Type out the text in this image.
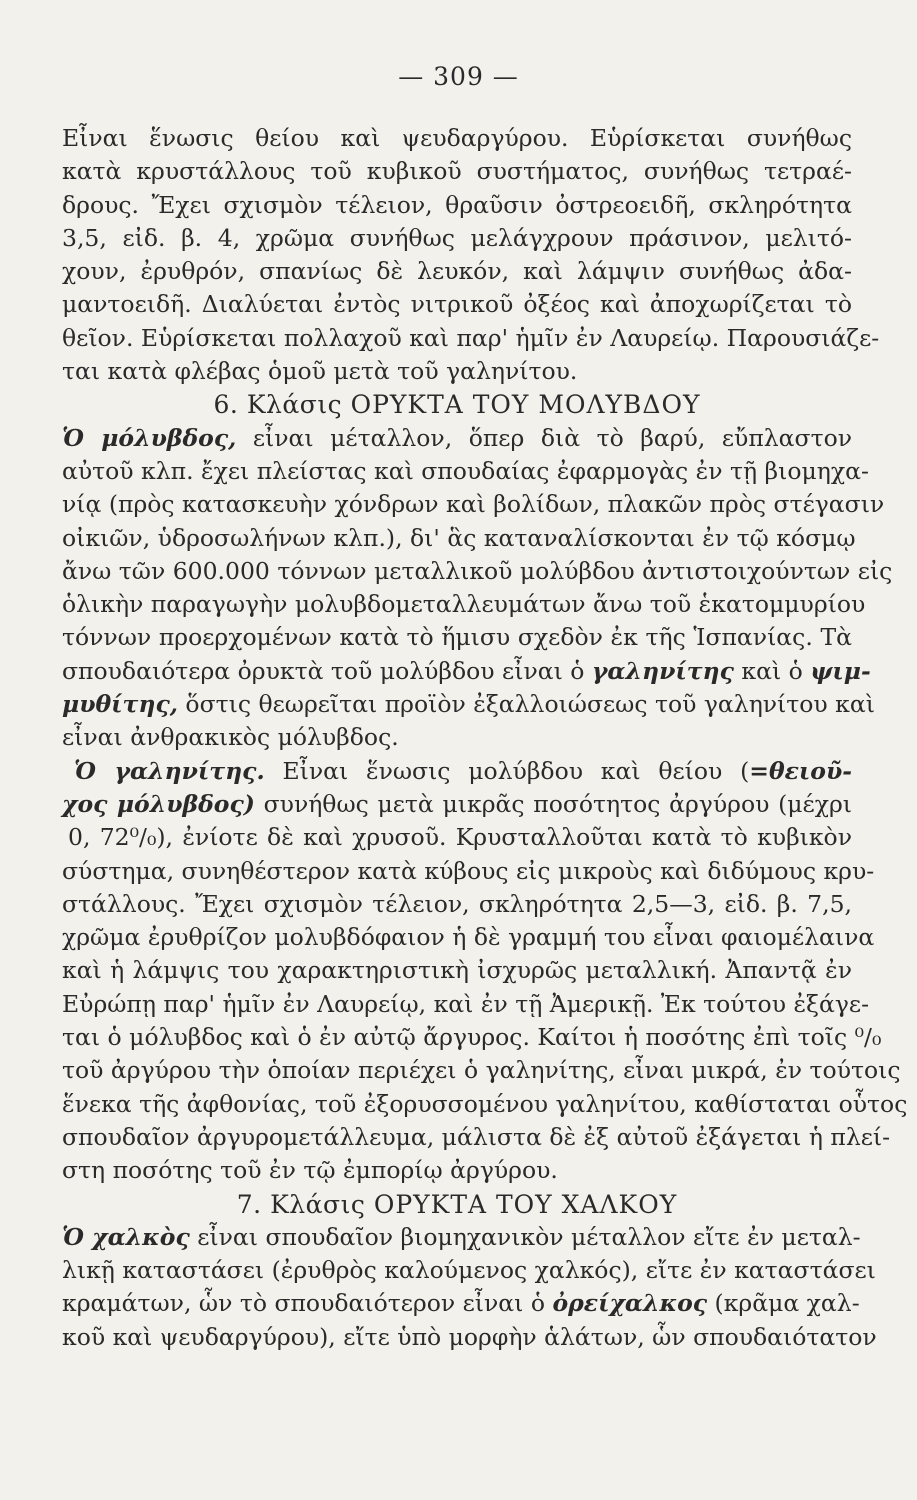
— 309 —
Εἶναι ἕνωσις θείου καὶ ψευδαργύρου. Εὑρίσκεται συνήθως
κατὰ κρυστάλλους τοῦ κυβικοῦ συστήματος, συνήθως τετραέ-
δρους. Ἔχει σχισμὸν τέλειον, θραῦσιν ὀστρεοειδῆ, σκληρότητα
3,5, εἰδ. β. 4, χρῶμα συνήθως μελάγχρουν πράσινον, μελιτό-
χουν, ἐρυθρόν, σπανίως δὲ λευκόν, καὶ λάμψιν συνήθως ἀδα-
μαντοειδῆ. Διαλύεται ἐντὸς νιτρικοῦ ὀξέος καὶ ἀποχωρίζεται τὸ
θεῖον. Εὑρίσκεται πολλαχοῦ καὶ παρ' ἡμῖν ἐν Λαυρείῳ. Παρουσιάζε-
ται κατὰ φλέβας ὁμοῦ μετὰ τοῦ γαληνίτου.
6. Κλάσις ΟΡΥΚΤΑ ΤΟΥ ΜΟΛΥΒΔΟΥ
Ὁ μόλυβδος, εἶναι μέταλλον, ὅπερ διὰ τὸ βαρύ, εὔπλαστον
αὐτοῦ κλπ. ἔχει πλείστας καὶ σπουδαίας ἐφαρμογὰς ἐν τῇ βιομηχα-
νίᾳ (πρὸς κατασκευὴν χόνδρων καὶ βολίδων, πλακῶν πρὸς στέγασιν
οἰκιῶν, ὑδροσωλήνων κλπ.), δι' ἃς καταναλίσκονται ἐν τῷ κόσμῳ
ἄνω τῶν 600.000 τόννων μεταλλικοῦ μολύβδου ἀντιστοιχούντων εἰς
ὁλικὴν παραγωγὴν μολυβδομεταλλευμάτων ἄνω τοῦ ἑκατομμυρίου
τόννων προερχομένων κατὰ τὸ ἥμισυ σχεδὸν ἐκ τῆς Ἱσπανίας. Τὰ
σπουδαιότερα ὀρυκτὰ τοῦ μολύβδου εἶναι ὁ γαληνίτης καὶ ὁ ψιμ-
μυθίτης, ὅστις θεωρεῖται προϊὸν ἐξαλλοιώσεως τοῦ γαληνίτου καὶ
εἶναι ἀνθρακικὸς μόλυβδος.
Ὁ γαληνίτης. Εἶναι ἕνωσις μολύβδου καὶ θείου (=θειοῦ-
χος μόλυβδος) συνήθως μετὰ μικρᾶς ποσότητος ἀργύρου (μέχρι
0, 72⁰/₀), ἐνίοτε δὲ καὶ χρυσοῦ. Κρυσταλλοῦται κατὰ τὸ κυβικὸν
σύστημα, συνηθέστερον κατὰ κύβους εἰς μικροὺς καὶ διδύμους κρυ-
στάλλους. Ἔχει σχισμὸν τέλειον, σκληρότητα 2,5—3, εἰδ. β. 7,5,
χρῶμα ἐρυθρίζον μολυβδόφαιον ἡ δὲ γραμμή του εἶναι φαιομέλαινα
καὶ ἡ λάμψις του χαρακτηριστικὴ ἰσχυρῶς μεταλλική. Ἀπαντᾷ ἐν
Εὐρώπῃ παρ' ἡμῖν ἐν Λαυρείῳ, καὶ ἐν τῇ Ἀμερικῇ. Ἐκ τούτου ἐξάγε-
ται ὁ μόλυβδος καὶ ὁ ἐν αὐτῷ ἄργυρος. Καίτοι ἡ ποσότης ἐπὶ τοῖς ⁰/₀
τοῦ ἀργύρου τὴν ὁποίαν περιέχει ὁ γαληνίτης, εἶναι μικρά, ἐν τούτοις
ἕνεκα τῆς ἀφθονίας, τοῦ ἐξορυσσομένου γαληνίτου, καθίσταται οὗτος
σπουδαῖον ἀργυρομετάλλευμα, μάλιστα δὲ ἐξ αὐτοῦ ἐξάγεται ἡ πλεί-
στη ποσότης τοῦ ἐν τῷ ἐμπορίῳ ἀργύρου.
7. Κλάσις ΟΡΥΚΤΑ ΤΟΥ ΧΑΛΚΟΥ
Ὁ χαλκὸς εἶναι σπουδαῖον βιομηχανικὸν μέταλλον εἴτε ἐν μεταλ-
λικῇ καταστάσει (ἐρυθρὸς καλούμενος χαλκός), εἴτε ἐν καταστάσει
κραμάτων, ὧν τὸ σπουδαιότερον εἶναι ὁ ὀρείχαλκος (κρᾶμα χαλ-
κοῦ καὶ ψευδαργύρου), εἴτε ὑπὸ μορφὴν ἁλάτων, ὧν σπουδαιότατον
